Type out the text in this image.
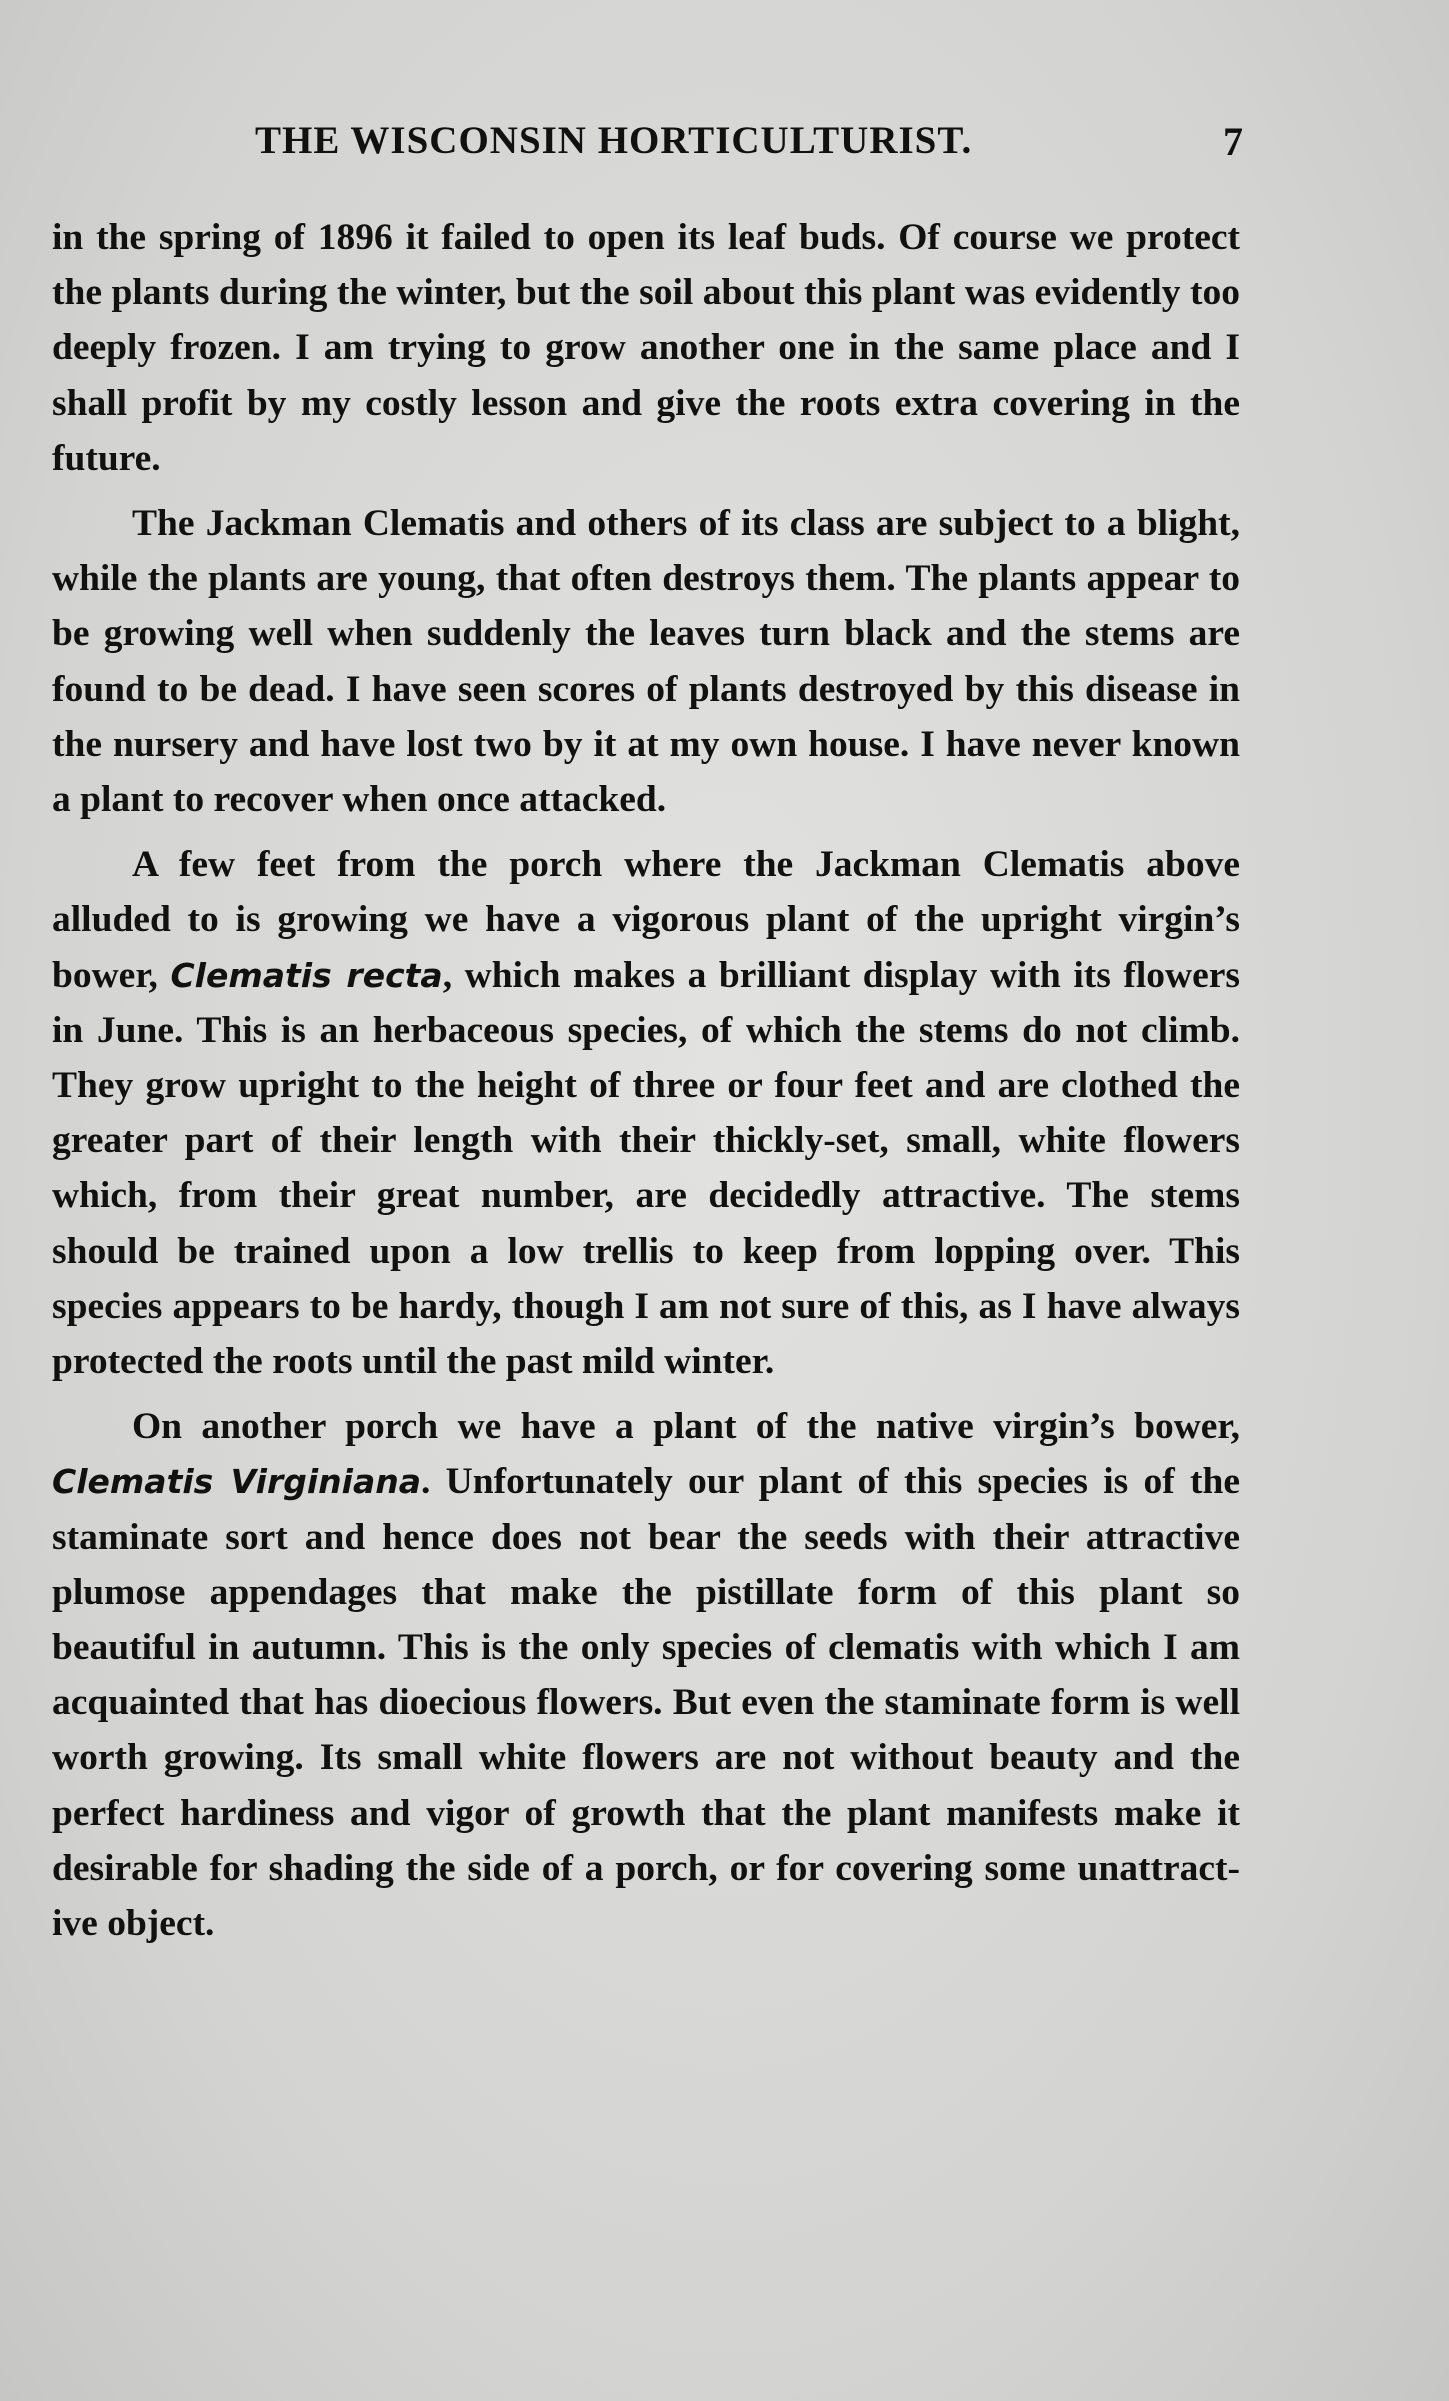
THE WISCONSIN HORTICULTURIST.	7

in the spring of 1896 it failed to open its leaf buds. Of course we protect the plants during the winter, but the soil about this plant was evidently too deeply frozen. I am trying to grow another one in the same place and I shall profit by my costly lesson and give the roots extra covering in the future.

The Jackman Clematis and others of its class are subject to a blight, while the plants are young, that often destroys them. The plants appear to be growing well when suddenly the leaves turn black and the stems are found to be dead. I have seen scores of plants destroyed by this disease in the nursery and have lost two by it at my own house. I have never known a plant to recover when once attacked.

A few feet from the porch where the Jackman Clematis above alluded to is growing we have a vigorous plant of the upright virgin’s bower, Clematis recta, which makes a brilliant display with its flowers in June. This is an herbaceous species, of which the stems do not climb. They grow upright to the height of three or four feet and are clothed the greater part of their length with their thickly-set, small, white flowers which, from their great number, are decidedly attractive. The stems should be trained upon a low trellis to keep from lopping over. This species appears to be hardy, though I am not sure of this, as I have always protected the roots until the past mild winter.

On another porch we have a plant of the native virgin’s bower, Clematis Virginiana. Unfortunately our plant of this species is of the staminate sort and hence does not bear the seeds with their attractive plumose appendages that make the pistillate form of this plant so beautiful in autumn. This is the only species of clematis with which I am acquainted that has dioecious flowers. But even the staminate form is well worth growing. Its small white flowers are not without beauty and the perfect hardiness and vigor of growth that the plant manifests make it desirable for shading the side of a porch, or for covering some unattractive object.
